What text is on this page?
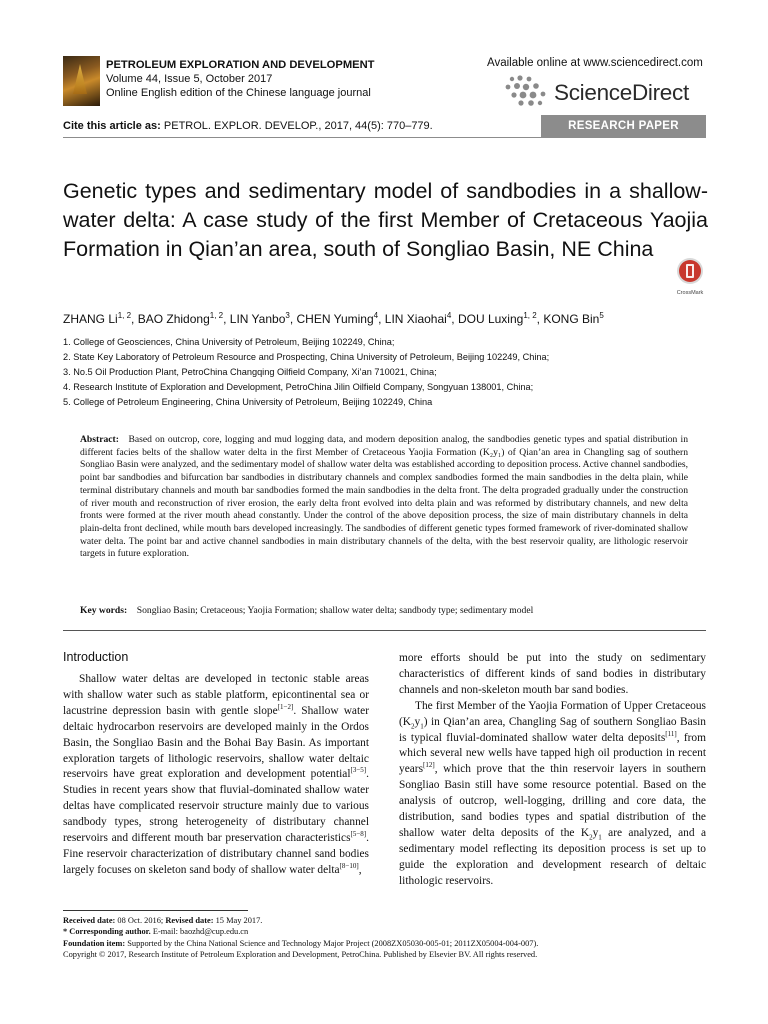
PETROLEUM EXPLORATION AND DEVELOPMENT
Volume 44, Issue 5, October 2017
Online English edition of the Chinese language journal
Available online at www.sciencedirect.com
ScienceDirect
Cite this article as: PETROL. EXPLOR. DEVELOP., 2017, 44(5): 770–779.	RESEARCH PAPER
Genetic types and sedimentary model of sandbodies in a shallow-water delta: A case study of the first Member of Cretaceous Yaojia Formation in Qian’an area, south of Songliao Basin, NE China
CrossMark
ZHANG Li$^{1, 2}$, BAO Zhidong$^{1, 2}$, LIN Yanbo$^3$, CHEN Yuming$^4$, LIN Xiaohai$^4$, DOU Luxing$^{1, 2}$, KONG Bin$^5$
1. College of Geosciences, China University of Petroleum, Beijing 102249, China;
2. State Key Laboratory of Petroleum Resource and Prospecting, China University of Petroleum, Beijing 102249, China;
3. No.5 Oil Production Plant, PetroChina Changqing Oilfield Company, Xi’an 710021, China;
4. Research Institute of Exploration and Development, PetroChina Jilin Oilfield Company, Songyuan 138001, China;
5. College of Petroleum Engineering, China University of Petroleum, Beijing 102249, China
Abstract: Based on outcrop, core, logging and mud logging data, and modern deposition analog, the sandbodies genetic types and spatial distribution in different facies belts of the shallow water delta in the first Member of Cretaceous Yaojia Formation (K₂y₁) of Qian’an area in Changling sag of southern Songliao Basin were analyzed, and the sedimentary model of shallow water delta was established according to deposition process. Active channel sandbodies, point bar sandbodies and bifurcation bar sandbodies in distributary channels and complex sandbodies formed the main sandbodies in the delta plain, while terminal distributary channels and mouth bar sandbodies formed the main sandbodies in the delta front. The delta prograded gradually under the construction of river mouth and reconstruction of river erosion, the early delta front evolved into delta plain and was reformed by distributary channels, and new delta fronts were formed at the river mouth ahead constantly. Under the control of the above deposition process, the size of main distributary channels in delta plain-delta front declined, while mouth bars developed increasingly. The sandbodies of different genetic types formed framework of river-dominated shallow water delta. The point bar and active channel sandbodies in main distributary channels of the delta, with the best reservoir quality, are lithologic reservoir targets in future exploration.
Key words: Songliao Basin; Cretaceous; Yaojia Formation; shallow water delta; sandbody type; sedimentary model
Introduction

Shallow water deltas are developed in tectonic stable areas with shallow water such as stable platform, epicontinental sea or lacustrine depression basin with gentle slope[1−2]. Shallow water deltaic hydrocarbon reservoirs are developed mainly in the Ordos Basin, the Songliao Basin and the Bohai Bay Basin. As important exploration targets of lithologic reservoirs, shallow water deltaic reservoirs have great exploration and development potential[3−5]. Studies in recent years show that fluvial-dominated shallow water deltas have complicated reservoir structure mainly due to various sandbody types, strong heterogeneity of distributary channel reservoirs and different mouth bar preservation characteristics[5−8]. Fine reservoir characterization of distributary channel sand bodies largely focuses on skeleton sand body of shallow water delta[8−10],

more efforts should be put into the study on sedimentary characteristics of different kinds of sand bodies in distributary channels and non-skeleton mouth bar sand bodies.

The first Member of the Yaojia Formation of Upper Cretaceous $(K_2y_1)$ in Qian’an area, Changling Sag of southern Songliao Basin is typical fluvial-dominated shallow water delta deposits[11], from which several new wells have tapped high oil production in recent years[12], which prove that the thin reservoir layers in southern Songliao Basin still have some resource potential. Based on the analysis of outcrop, well-logging, drilling and core data, the distribution, sand bodies types and spatial distribution of the shallow water delta deposits of the $K_2y_1$ are analyzed, and a sedimentary model reflecting its deposition process is set up to guide the exploration and development research of deltaic lithologic reservoirs.

Received date: 08 Oct. 2016; Revised date: 15 May 2017.
* Corresponding author. E-mail: baozhd@cup.edu.cn
Foundation item: Supported by the China National Science and Technology Major Project (2008ZX05030-005-01; 2011ZX05004-004-007).
Copyright © 2017, Research Institute of Petroleum Exploration and Development, PetroChina. Published by Elsevier BV. All rights reserved.
